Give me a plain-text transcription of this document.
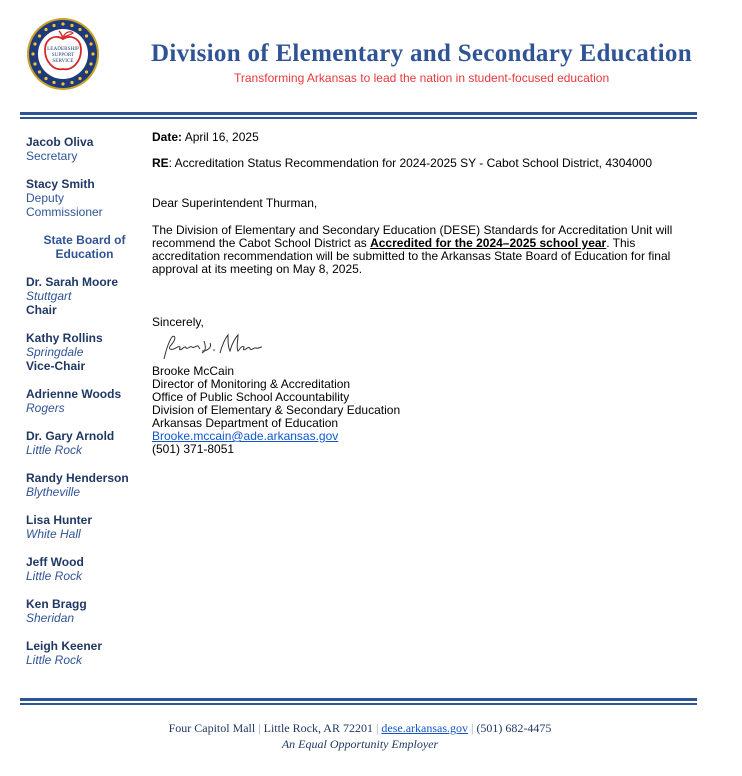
LEADERSHIP
SUPPORT
SERVICE	Division of Elementary and Secondary Education
Transforming Arkansas to lead the nation in student-focused education
Jacob Oliva
Secretary
Stacy Smith
Deputy
Commissioner
State Board of
Education
Dr. Sarah Moore
Stuttgart
Chair
Kathy Rollins
Springdale
Vice-Chair
Adrienne Woods
Rogers
Dr. Gary Arnold
Little Rock
Randy Henderson
Blytheville
Lisa Hunter
White Hall
Jeff Wood
Little Rock
Ken Bragg
Sheridan
Leigh Keener
Little Rock

Date: April 16, 2025

RE: Accreditation Status Recommendation for 2024-2025 SY - Cabot School District, 4304000

Dear Superintendent Thurman,

The Division of Elementary and Secondary Education (DESE) Standards for Accreditation Unit will recommend the Cabot School District as Accredited for the 2024–2025 school year. This accreditation recommendation will be submitted to the Arkansas State Board of Education for final approval at its meeting on May 8, 2025.

Sincerely,

Brooke McCain
Director of Monitoring & Accreditation
Office of Public School Accountability
Division of Elementary & Secondary Education
Arkansas Department of Education
Brooke.mccain@ade.arkansas.gov
(501) 371-8051
Four Capitol Mall | Little Rock, AR 72201 | dese.arkansas.gov | (501) 682-4475
An Equal Opportunity Employer
